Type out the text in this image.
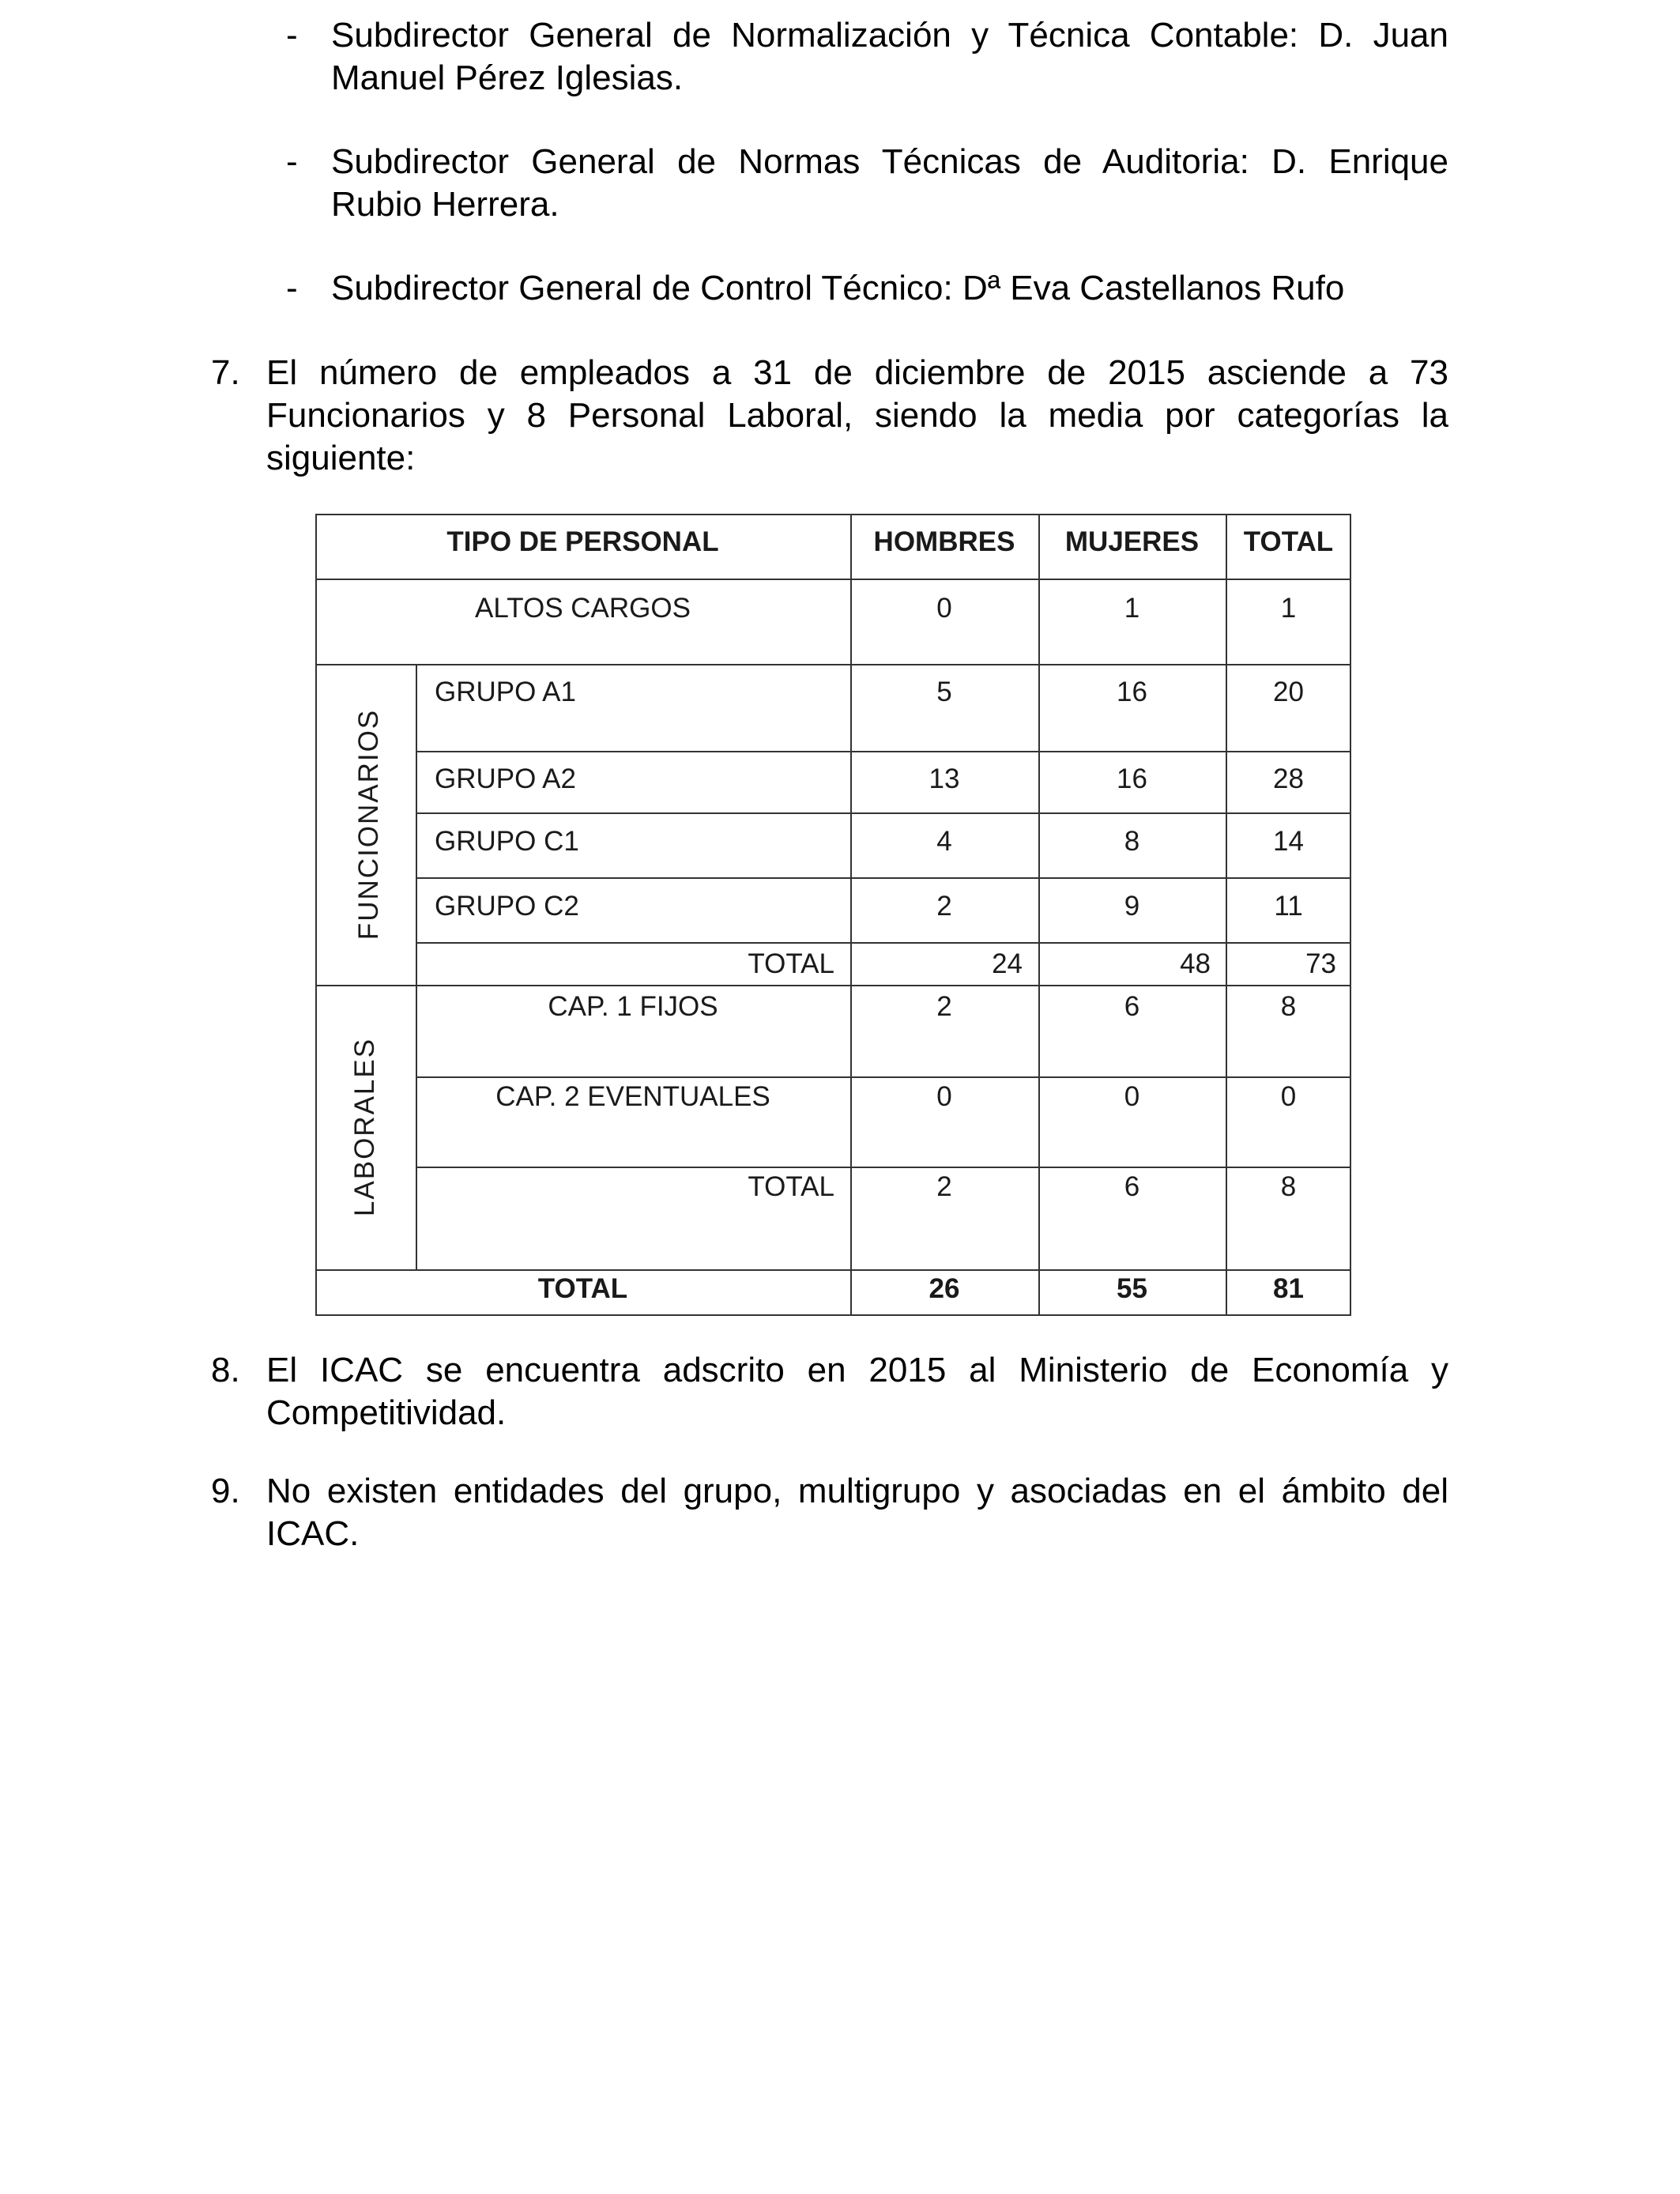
- Subdirector General de Normalización y Técnica Contable: D. Juan
Manuel Pérez Iglesias.
- Subdirector General de Normas Técnicas de Auditoria: D. Enrique
Rubio Herrera.
- Subdirector General de Control Técnico: Dª Eva Castellanos Rufo
7. El número de empleados a 31 de diciembre de 2015 asciende a 73
Funcionarios y 8 Personal Laboral, siendo la media por categorías la
siguiente:
TIPO DE PERSONAL	HOMBRES	MUJERES	TOTAL
ALTOS CARGOS	0	1	1
FUNCIONARIOS
GRUPO A1	5	16	20
GRUPO A2	13	16	28
GRUPO C1	4	8	14
GRUPO C2	2	9	11
TOTAL	24	48	73
LABORALES
CAP. 1 FIJOS	2	6	8
CAP. 2 EVENTUALES	0	0	0
TOTAL	2	6	8
TOTAL	26	55	81
8. El ICAC se encuentra adscrito en 2015 al Ministerio de Economía y
Competitividad.
9. No existen entidades del grupo, multigrupo y asociadas en el ámbito del
ICAC.
